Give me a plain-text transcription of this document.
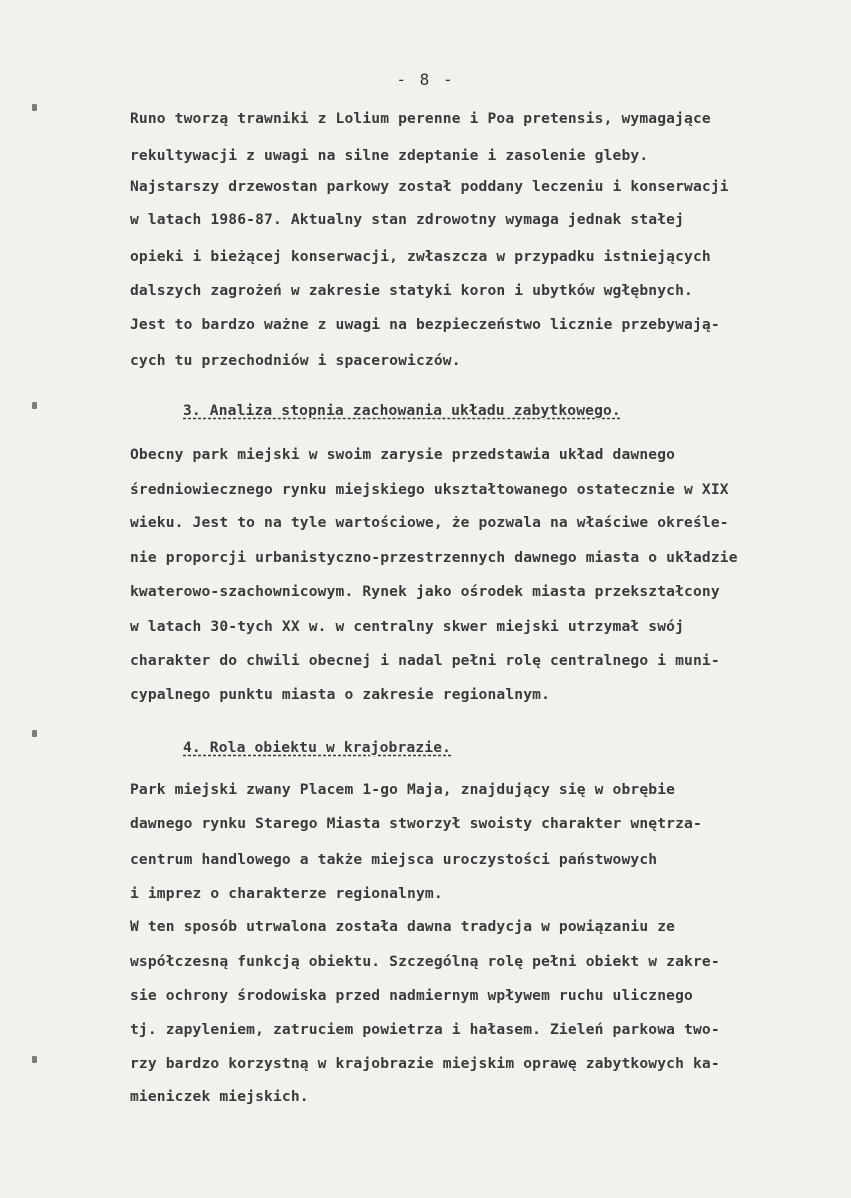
- 8 -
Runo tworzą trawniki z Lolium perenne i Poa pretensis, wymagające
rekultywacji z uwagi na silne zdeptanie i zasolenie gleby.
Najstarszy drzewostan parkowy został poddany leczeniu i konserwacji
w latach 1986-87. Aktualny stan zdrowotny wymaga jednak stałej
opieki i bieżącej konserwacji, zwłaszcza w przypadku istniejących
dalszych zagrożeń w zakresie statyki koron i ubytków wgłębnych.
Jest to bardzo ważne z uwagi na bezpieczeństwo licznie przebywają-
cych tu przechodniów i spacerowiczów.
3. Analiza stopnia zachowania układu zabytkowego.
Obecny park miejski w swoim zarysie przedstawia układ dawnego
średniowiecznego rynku miejskiego ukształtowanego ostatecznie w XIX
wieku. Jest to na tyle wartościowe, że pozwala na właściwe określe-
nie proporcji urbanistyczno-przestrzennych dawnego miasta o układzie
kwaterowo-szachownicowym. Rynek jako ośrodek miasta przekształcony
w latach 30-tych XX w. w centralny skwer miejski utrzymał swój
charakter do chwili obecnej i nadal pełni rolę centralnego i muni-
cypalnego punktu miasta o zakresie regionalnym.
4. Rola obiektu w krajobrazie.
Park miejski zwany Placem 1-go Maja, znajdujący się w obrębie
dawnego rynku Starego Miasta stworzył swoisty charakter wnętrza-
centrum handlowego a także miejsca uroczystości państwowych
i imprez o charakterze regionalnym.
W ten sposób utrwalona została dawna tradycja w powiązaniu ze
współczesną funkcją obiektu. Szczególną rolę pełni obiekt w zakre-
sie ochrony środowiska przed nadmiernym wpływem ruchu ulicznego
tj. zapyleniem, zatruciem powietrza i hałasem. Zieleń parkowa two-
rzy bardzo korzystną w krajobrazie miejskim oprawę zabytkowych ka-
mieniczek miejskich.
